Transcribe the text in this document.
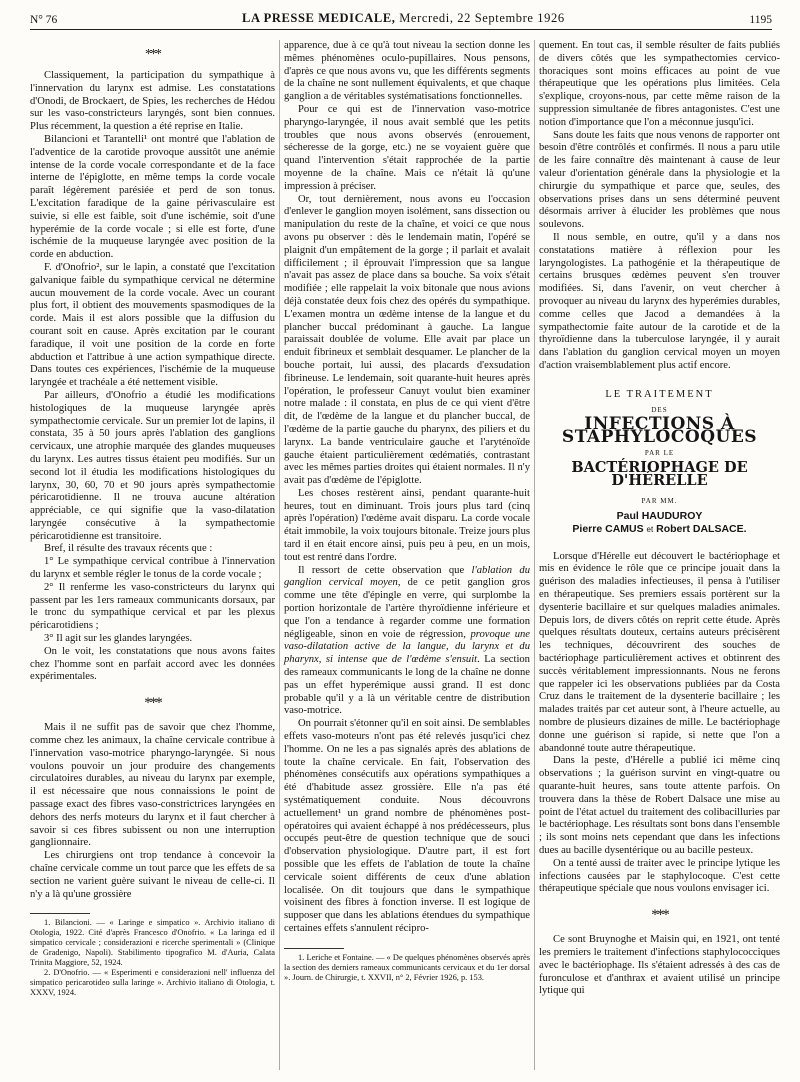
N° 76	LA PRESSE MEDICALE, Mercredi, 22 Septembre 1926	1195
***

Classiquement, la participation du sympathique à l'innervation du larynx est admise. Les constatations d'Onodi, de Brockaert, de Spies, les recherches de Hédou sur les vaso-constricteurs laryngés, sont bien connues. Plus récemment, la question a été reprise en Italie.

Bilancioni et Tarantelli¹ ont montré que l'ablation de l'adventice de la carotide provoque aussitôt une anémie intense de la corde vocale correspondante et de la face interne de l'épiglotte, en même temps la corde vocale paraît légèrement parésiée et perd de son tonus. L'excitation faradique de la gaine périvasculaire est suivie, si elle est faible, soit d'une ischémie, soit d'une hyperémie de la corde vocale ; si elle est forte, d'une ischémie de la muqueuse laryngée avec position de la corde en abduction.

F. d'Onofrio², sur le lapin, a constaté que l'excitation galvanique faible du sympathique cervical ne détermine aucun mouvement de la corde vocale. Avec un courant plus fort, il obtient des mouvements spasmodiques de la corde. Mais il est alors possible que la diffusion du courant soit en cause. Après excitation par le courant faradique, il voit une position de la corde en forte abduction et l'attribue à une action sympathique directe. Dans toutes ces expériences, l'ischémie de la muqueuse laryngée et trachéale a été nettement visible.

Par ailleurs, d'Onofrio a étudié les modifications histologiques de la muqueuse laryngée après sympathectomie cervicale. Sur un premier lot de lapins, il constata, 35 à 50 jours après l'ablation des ganglions cervicaux, une atrophie marquée des glandes muqueuses du larynx. Les autres tissus étaient peu modifiés. Sur un second lot il étudia les modifications histologiques du larynx, 30, 60, 70 et 90 jours après sympathectomie péricarotidienne. Il ne trouva aucune altération appréciable, ce qui signifie que la vaso-dilatation laryngée consécutive à la sympathectomie péricarotidienne est transitoire.

Bref, il résulte des travaux récents que :

1° Le sympathique cervical contribue à l'innervation du larynx et semble régler le tonus de la corde vocale ;

2° Il renferme les vaso-constricteurs du larynx qui passent par les 1ers rameaux communicants dorsaux, par le tronc du sympathique cervical et par les plexus péricarotidiens ;

3° Il agit sur les glandes laryngées.

On le voit, les constatations que nous avons faites chez l'homme sont en parfait accord avec les données expérimentales.

***

Mais il ne suffit pas de savoir que chez l'homme, comme chez les animaux, la chaîne cervicale contribue à l'innervation vaso-motrice pharyngo-laryngée. Si nous voulons pouvoir un jour produire des changements circulatoires durables, au niveau du larynx par exemple, il est nécessaire que nous connaissions le point de passage exact des fibres vaso-constrictrices laryngées en dehors des nerfs moteurs du larynx et il faut chercher à savoir si ces fibres subissent ou non une interruption ganglionnaire.

Les chirurgiens ont trop tendance à concevoir la chaîne cervicale comme un tout parce que les effets de sa section ne varient guère suivant le niveau de celle-ci. Il n'y a là qu'une grossière

1. Bilancioni. — « Laringe e simpatico ». Archivio italiano di Otologia, 1922. Cité d'après Francesco d'Onofrio. « La laringa ed il simpatico cervicale ; considerazioni e ricerche sperimentali » (Clinique de Gradenigo, Napoli). Stabilimento tipografico M. d'Auria, Calata Trinita Maggiore, 52, 1924.

2. D'Onofrio. — « Esperimenti e considerazioni nell' influenza del simpatico pericarotideo sulla laringe ». Archivio italiano di Otologia, t. XXXV, 1924.

apparence, due à ce qu'à tout niveau la section donne les mêmes phénomènes oculo-pupillaires. Nous pensons, d'après ce que nous avons vu, que les différents segments de la chaîne ne sont nullement équivalents, et que chaque ganglion a de véritables systématisations fonctionnelles.

Pour ce qui est de l'innervation vaso-motrice pharyngo-laryngée, il nous avait semblé que les petits troubles que nous avons observés (enrouement, sécheresse de la gorge, etc.) ne se voyaient guère que quand l'intervention s'était rapprochée de la partie moyenne de la chaîne. Mais ce n'était là qu'une impression à préciser.

Or, tout dernièrement, nous avons eu l'occasion d'enlever le ganglion moyen isolément, sans dissection ou manipulation du reste de la chaîne, et voici ce que nous avons pu observer : dès le lendemain matin, l'opéré se plaignit d'un empâtement de la gorge ; il parlait et avalait difficilement ; il éprouvait l'impression que sa langue n'avait pas assez de place dans sa bouche. Sa voix s'était modifiée ; elle rappelait la voix bitonale que nous avions déjà constatée deux fois chez des opérés du sympathique. L'examen montra un œdème intense de la langue et du plancher buccal prédominant à gauche. La langue paraissait doublée de volume. Elle avait par place un enduit fibrineux et semblait desquamer. Le plancher de la bouche portait, lui aussi, des placards d'exsudation fibrineuse. Le lendemain, soit quarante-huit heures après l'opération, le professeur Canuyt voulut bien examiner notre malade : il constata, en plus de ce qui vient d'être dit, de l'œdème de la langue et du plancher buccal, de l'œdème de la partie gauche du pharynx, des piliers et du larynx. La bande ventriculaire gauche et l'aryténoïde gauche étaient particulièrement œdématiés, contrastant avec les mêmes parties droites qui étaient normales. Il n'y avait pas d'œdème de l'épiglotte.

Les choses restèrent ainsi, pendant quarante-huit heures, tout en diminuant. Trois jours plus tard (cinq après l'opération) l'œdème avait disparu. La corde vocale était immobile, la voix toujours bitonale. Treize jours plus tard il en était encore ainsi, puis peu à peu, en un mois, tout est rentré dans l'ordre.

Il ressort de cette observation que l'ablation du ganglion cervical moyen, de ce petit ganglion gros comme une tête d'épingle en verre, qui surplombe la portion horizontale de l'artère thyroïdienne inférieure et que l'on a tendance à regarder comme une formation négligeable, sinon en voie de régression, provoque une vaso-dilatation active de la langue, du larynx et du pharynx, si intense que de l'œdème s'ensuit. La section des rameaux communicants le long de la chaîne ne donne pas un effet hyperémique aussi grand. Il est donc probable qu'il y a là un véritable centre de distribution vaso-motrice.

On pourrait s'étonner qu'il en soit ainsi. De semblables effets vaso-moteurs n'ont pas été relevés jusqu'ici chez l'homme. On ne les a pas signalés après des ablations de toute la chaîne cervicale. En fait, l'observation des phénomènes consécutifs aux opérations sympathiques a été d'habitude assez grossière. Elle n'a pas été systématiquement conduite. Nous découvrons actuellement¹ un grand nombre de phénomènes post-opératoires qui avaient échappé à nos prédécesseurs, plus occupés peut-être de question technique que de souci d'observation physiologique. D'autre part, il est fort possible que les effets de l'ablation de toute la chaîne cervicale soient différents de ceux d'une ablation localisée. On dit toujours que dans le sympathique voisinent des fibres à fonction inverse. Il est logique de supposer que dans les ablations étendues du sympathique certaines effets s'annulent récipro-

1. Leriche et Fontaine. — « De quelques phénomènes observés après la section des derniers rameaux communicants cervicaux et du 1er dorsal ». Journ. de Chirurgie, t. XXVII, n° 2, Février 1926, p. 153.

quement. En tout cas, il semble résulter de faits publiés de divers côtés que les sympathectomies cervico-thoraciques sont moins efficaces au point de vue thérapeutique que les opérations plus limitées. Cela s'explique, croyons-nous, par cette même raison de la suppression simultanée de fibres antagonistes. C'est une notion d'importance que l'on a méconnue jusqu'ici.

Sans doute les faits que nous venons de rapporter ont besoin d'être contrôlés et confirmés. Il nous a paru utile de les faire connaître dès maintenant à cause de leur valeur d'orientation générale dans la physiologie et la chirurgie du sympathique et parce que, seules, des observations prises dans un sens déterminé peuvent désormais arriver à élucider les problèmes que nous soulevons.

Il nous semble, en outre, qu'il y a dans nos constatations matière à réflexion pour les laryngologistes. La pathogénie et la thérapeutique de certains brusques œdèmes peuvent s'en trouver modifiées. Si, dans l'avenir, on veut chercher à provoquer au niveau du larynx des hyperémies durables, comme celles que Jacod a demandées à la sympathectomie faite autour de la carotide et de la thyroïdienne dans la tuberculose laryngée, il y aurait dans l'ablation du ganglion cervical moyen un moyen d'action vraisemblablement plus actif encore.

LE TRAITEMENT
DES
INFECTIONS À STAPHYLOCOQUES
PAR LE
BACTÉRIOPHAGE DE D'HÉRELLE
PAR MM.
Paul HAUDUROY
Pierre CAMUS et Robert DALSACE.

Lorsque d'Hérelle eut découvert le bactériophage et mis en évidence le rôle que ce principe jouait dans la guérison des maladies infectieuses, il pensa à l'utiliser en thérapeutique. Ses premiers essais portèrent sur la dysenterie bacillaire et sur quelques maladies animales. Depuis lors, de divers côtés on reprit cette étude. Après quelques résultats douteux, certains auteurs précisèrent les techniques, découvrirent des souches de bactériophage particulièrement actives et obtinrent des succès véritablement impressionnants. Nous ne ferons que rappeler ici les observations publiées par da Costa Cruz dans le traitement de la dysenterie bacillaire ; les malades traités par cet auteur sont, à l'heure actuelle, au nombre de plusieurs dizaines de mille. Le bactériophage donne une guérison si rapide, si nette que l'on a abandonné toute autre thérapeutique.

Dans la peste, d'Hérelle a publié ici même cinq observations ; la guérison survint en vingt-quatre ou quarante-huit heures, sans toute attente parfois. On trouvera dans la thèse de Robert Dalsace une mise au point de l'état actuel du traitement des colibacilluries par le bactériophage. Les résultats sont bons dans l'ensemble ; ils sont moins nets cependant que dans les infections dues au bacille dysentérique ou au bacille pesteux.

On a tenté aussi de traiter avec le principe lytique les infections causées par le staphylocoque. C'est cette thérapeutique spéciale que nous voulons envisager ici.

***

Ce sont Bruynoghe et Maisin qui, en 1921, ont tenté les premiers le traitement d'infections staphylococciques avec le bactériophage. Ils s'étaient adressés à des cas de furonculose et d'anthrax et avaient utilisé un principe lytique qui
